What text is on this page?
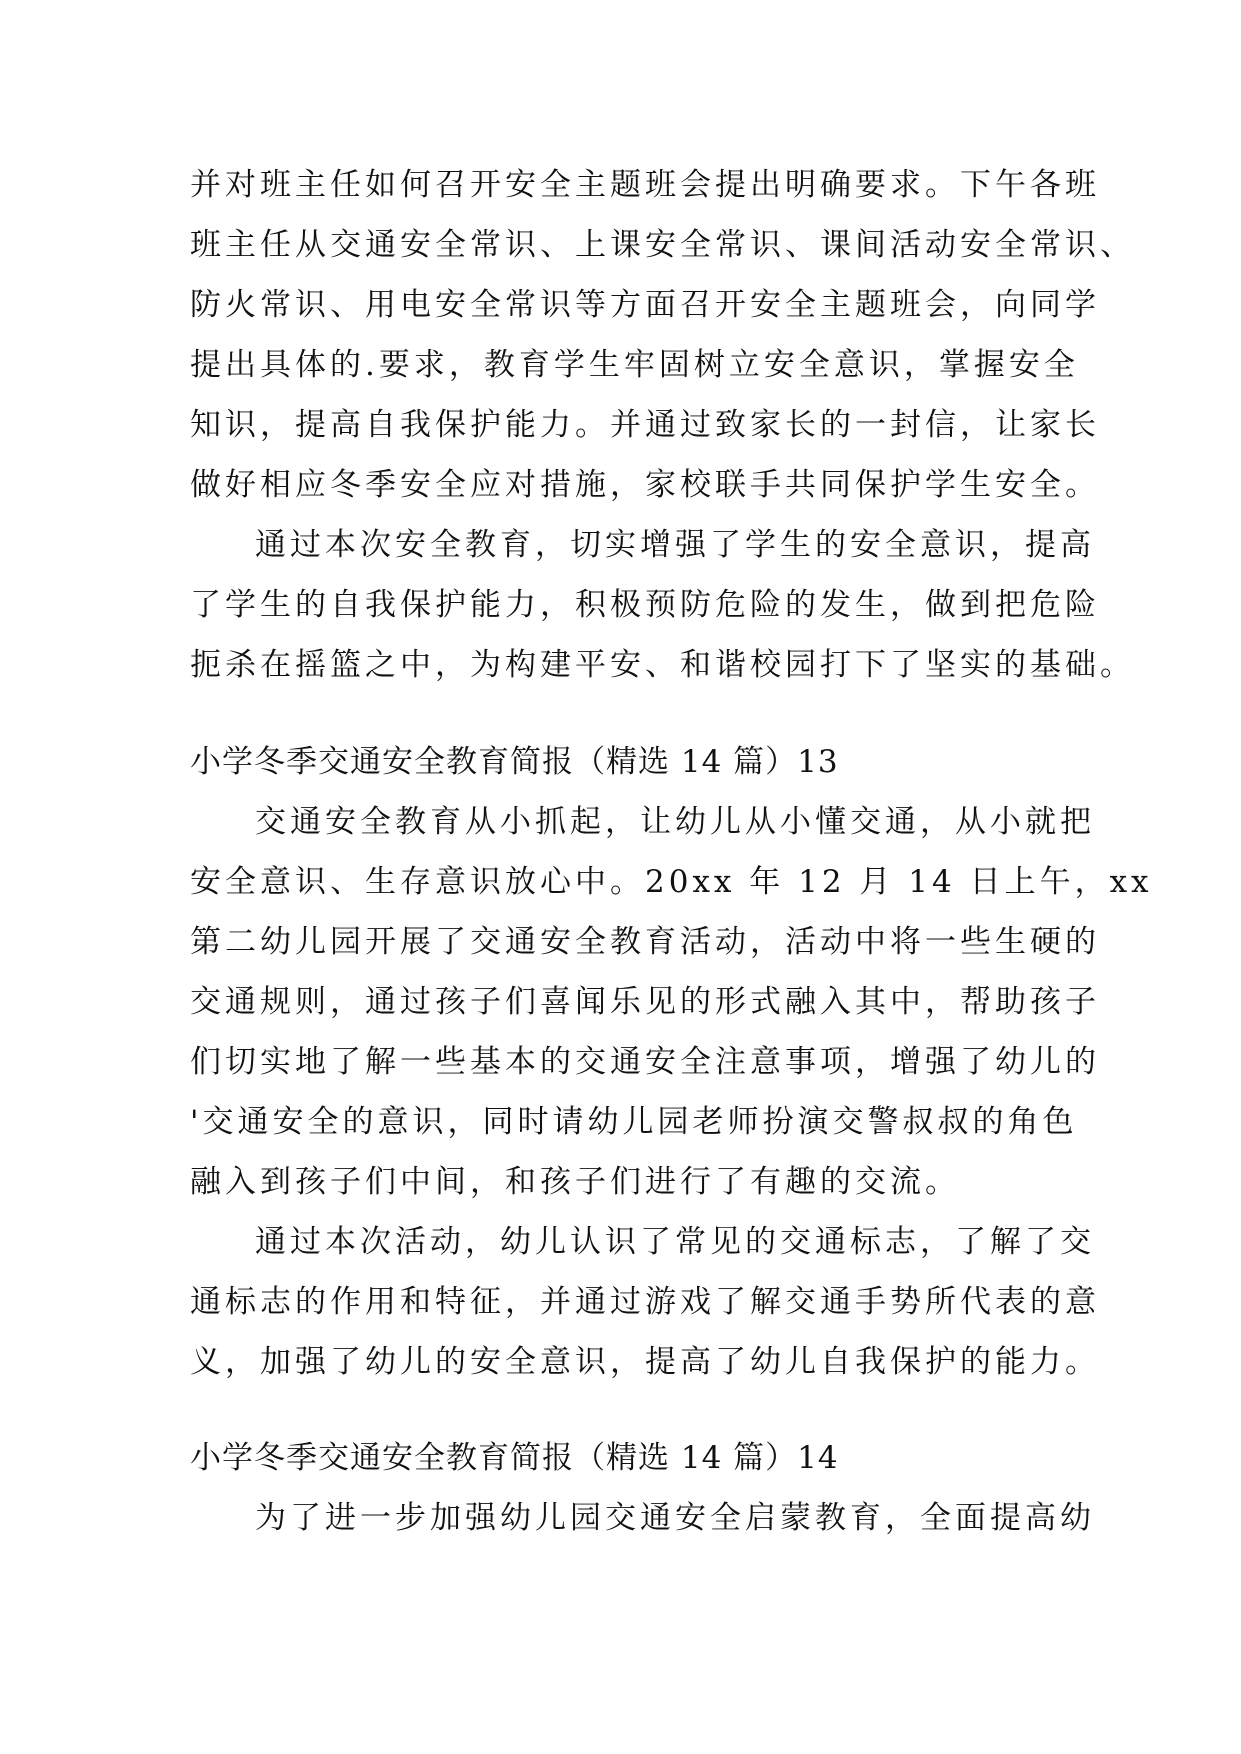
并对班主任如何召开安全主题班会提出明确要求。下午各班
班主任从交通安全常识、上课安全常识、课间活动安全常识、
防火常识、用电安全常识等方面召开安全主题班会，向同学
提出具体的.要求，教育学生牢固树立安全意识，掌握安全
知识，提高自我保护能力。并通过致家长的一封信，让家长
做好相应冬季安全应对措施，家校联手共同保护学生安全。
通过本次安全教育，切实增强了学生的安全意识，提高
了学生的自我保护能力，积极预防危险的发生，做到把危险
扼杀在摇篮之中，为构建平安、和谐校园打下了坚实的基础。
小学冬季交通安全教育简报（精选 14 篇）13
交通安全教育从小抓起，让幼儿从小懂交通，从小就把
安全意识、生存意识放心中。20xx 年 12 月 14 日上午，xx
第二幼儿园开展了交通安全教育活动，活动中将一些生硬的
交通规则，通过孩子们喜闻乐见的形式融入其中，帮助孩子
们切实地了解一些基本的交通安全注意事项，增强了幼儿的
'交通安全的意识，同时请幼儿园老师扮演交警叔叔的角色
融入到孩子们中间，和孩子们进行了有趣的交流。
通过本次活动，幼儿认识了常见的交通标志，了解了交
通标志的作用和特征，并通过游戏了解交通手势所代表的意
义，加强了幼儿的安全意识，提高了幼儿自我保护的能力。
小学冬季交通安全教育简报（精选 14 篇）14
为了进一步加强幼儿园交通安全启蒙教育，全面提高幼
